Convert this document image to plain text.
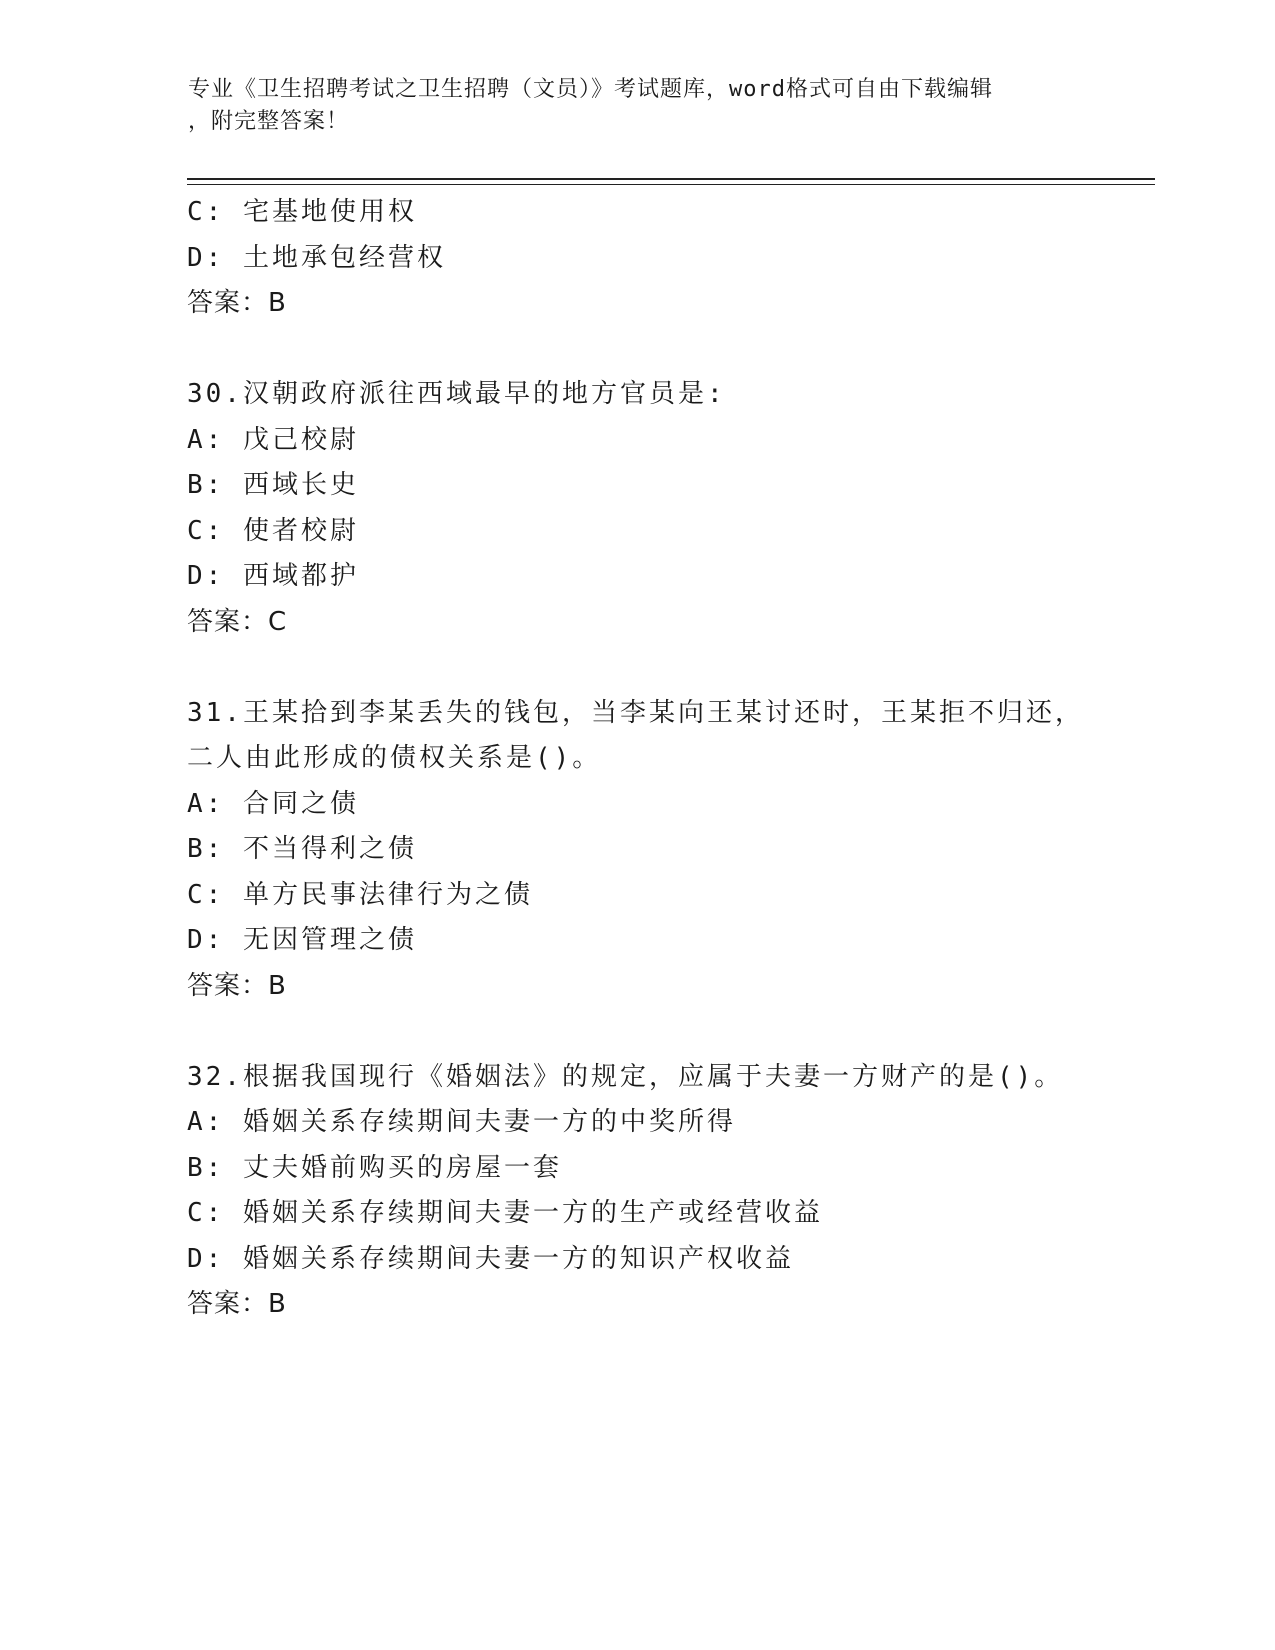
专业《卫生招聘考试之卫生招聘（文员）》考试题库，word格式可自由下载编辑
，附完整答案！
C: 宅基地使用权
D: 土地承包经营权
答案：B
30.汉朝政府派往西域最早的地方官员是:
A: 戊己校尉
B: 西域长史
C: 使者校尉
D: 西域都护
答案：C
31.王某拾到李某丢失的钱包，当李某向王某讨还时，王某拒不归还，
二人由此形成的债权关系是()。
A: 合同之债
B: 不当得利之债
C: 单方民事法律行为之债
D: 无因管理之债
答案：B
32.根据我国现行《婚姻法》的规定，应属于夫妻一方财产的是()。
A: 婚姻关系存续期间夫妻一方的中奖所得
B: 丈夫婚前购买的房屋一套
C: 婚姻关系存续期间夫妻一方的生产或经营收益
D: 婚姻关系存续期间夫妻一方的知识产权收益
答案：B
